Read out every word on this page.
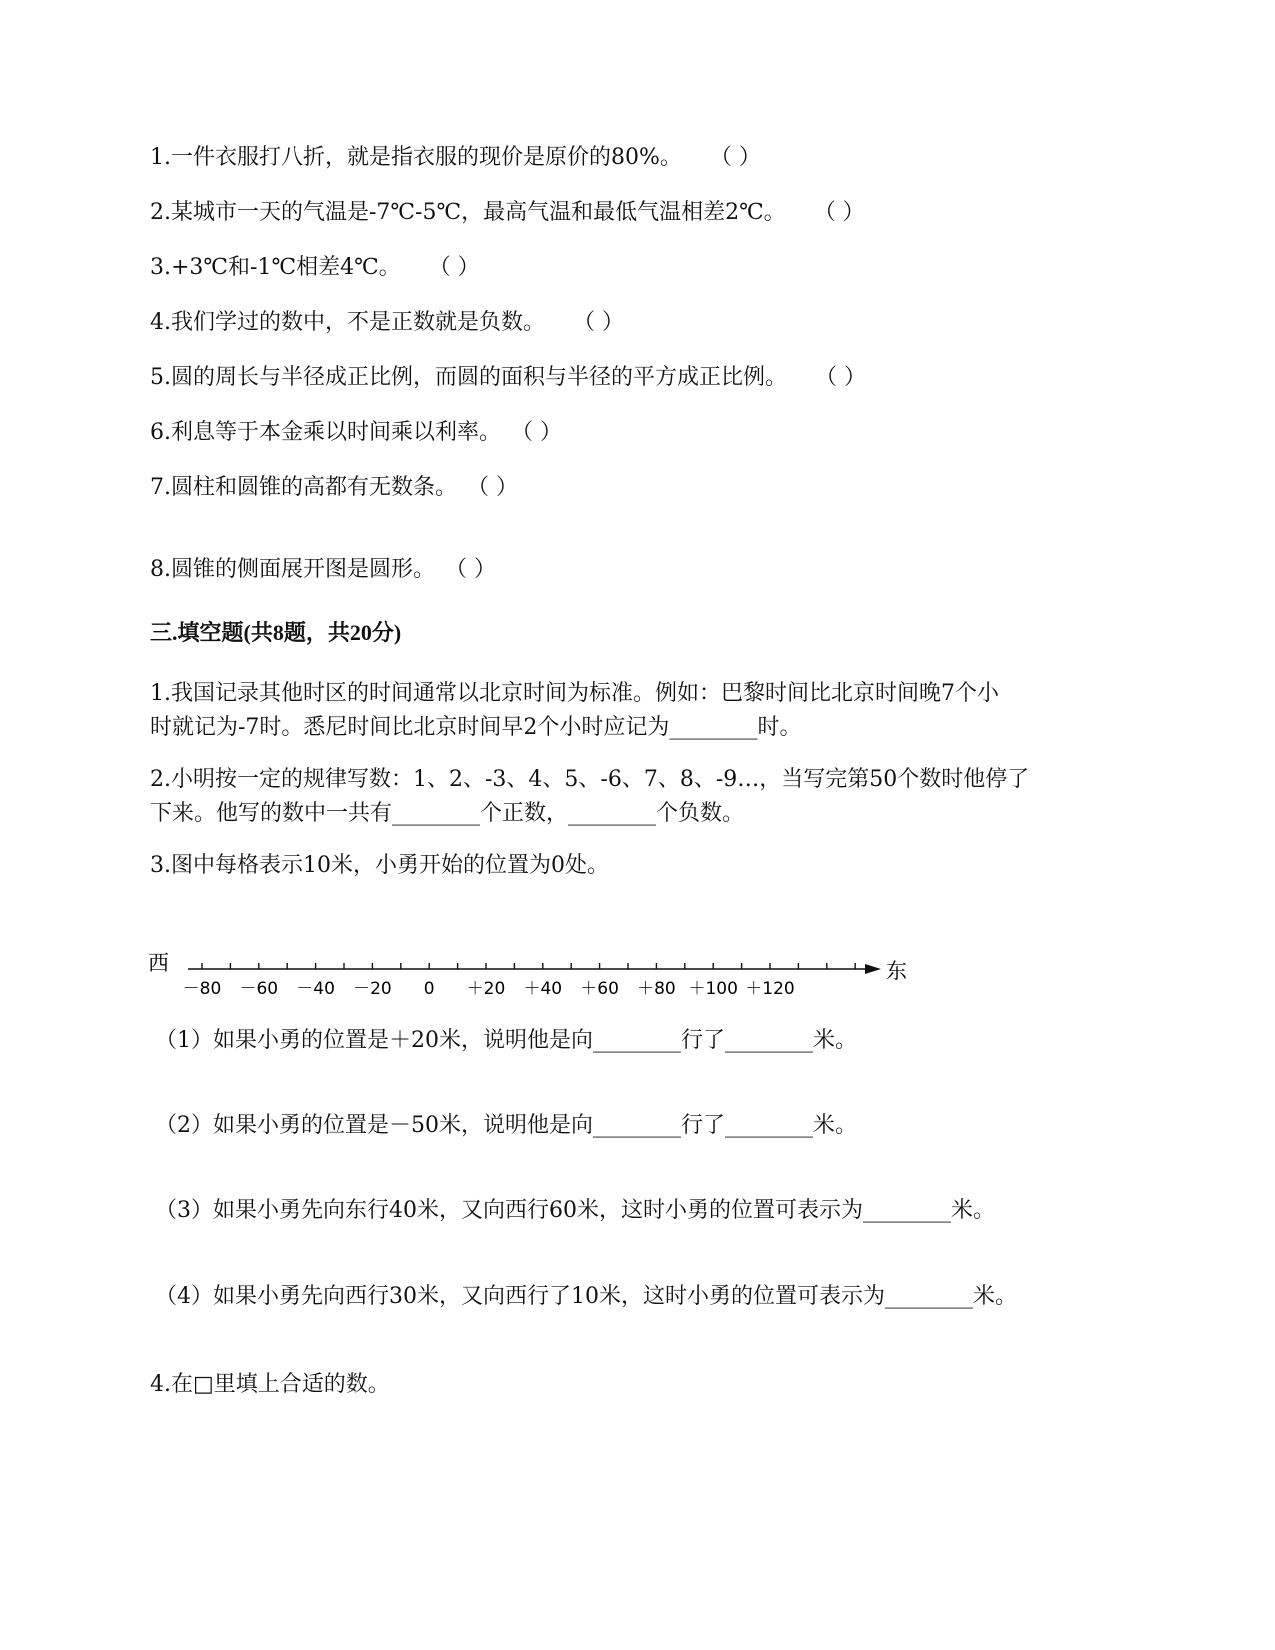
1.一件衣服打八折，就是指衣服的现价是原价的80%。 （ ）
2.某城市一天的气温是-7℃-5℃，最高气温和最低气温相差2℃。 （ ）
3.+3℃和-1℃相差4℃。 （ ）
4.我们学过的数中，不是正数就是负数。 （ ）
5.圆的周长与半径成正比例，而圆的面积与半径的平方成正比例。 （ ）
6.利息等于本金乘以时间乘以利率。 （ ）
7.圆柱和圆锥的高都有无数条。 （ ）
8.圆锥的侧面展开图是圆形。 （ ）
三.填空题(共8题，共20分)
1.我国记录其他时区的时间通常以北京时间为标准。例如：巴黎时间比北京时间晚7个小
时就记为-7时。悉尼时间比北京时间早2个小时应记为________时。
2.小明按一定的规律写数：1、2、-3、4、5、-6、7、8、-9…，当写完第50个数时他停了
下来。他写的数中一共有________个正数，________个负数。
3.图中每格表示10米，小勇开始的位置为0处。
西
－80 －60 －40 －20 0 ＋20 ＋40 ＋60 ＋80 ＋100 ＋120
东
（1）如果小勇的位置是＋20米，说明他是向________行了________米。
（2）如果小勇的位置是－50米，说明他是向________行了________米。
（3）如果小勇先向东行40米，又向西行60米，这时小勇的位置可表示为________米。
（4）如果小勇先向西行30米，又向西行了10米，这时小勇的位置可表示为________米。
4.在□里填上合适的数。
